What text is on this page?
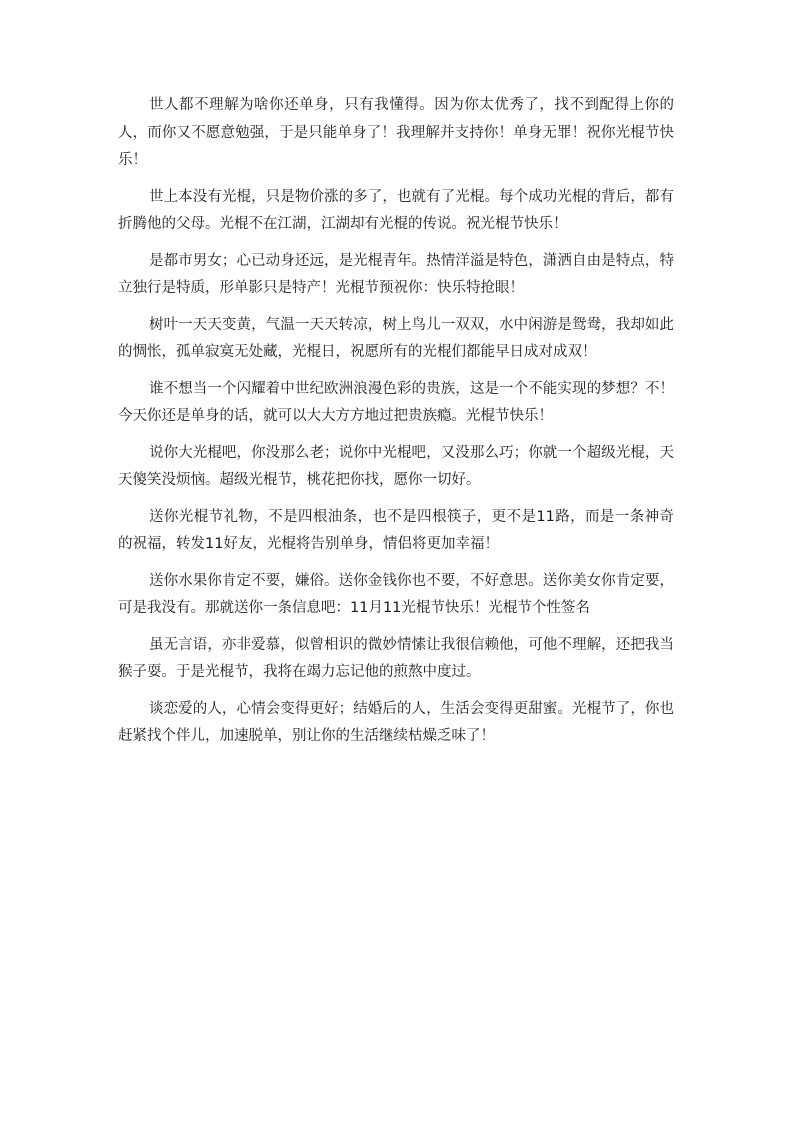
世人都不理解为啥你还单身，只有我懂得。因为你太优秀了，找不到配得上你的人，而你又不愿意勉强，于是只能单身了！我理解并支持你！单身无罪！祝你光棍节快乐！

世上本没有光棍，只是物价涨的多了，也就有了光棍。每个成功光棍的背后，都有折腾他的父母。光棍不在江湖，江湖却有光棍的传说。祝光棍节快乐！

是都市男女；心已动身还远，是光棍青年。热情洋溢是特色，潇洒自由是特点，特立独行是特质，形单影只是特产！光棍节预祝你：快乐特抢眼！

树叶一天天变黄，气温一天天转凉，树上鸟儿一双双，水中闲游是鸳鸯，我却如此的惆怅，孤单寂寞无处藏，光棍日，祝愿所有的光棍们都能早日成对成双！

谁不想当一个闪耀着中世纪欧洲浪漫色彩的贵族，这是一个不能实现的梦想？不！今天你还是单身的话，就可以大大方方地过把贵族瘾。光棍节快乐！

说你大光棍吧，你没那么老；说你中光棍吧，又没那么巧；你就一个超级光棍，天天傻笑没烦恼。超级光棍节，桃花把你找，愿你一切好。

送你光棍节礼物，不是四根油条，也不是四根筷子，更不是11路，而是一条神奇的祝福，转发11好友，光棍将告别单身，情侣将更加幸福！

送你水果你肯定不要，嫌俗。送你金钱你也不要，不好意思。送你美女你肯定要，可是我没有。那就送你一条信息吧：11月11光棍节快乐！光棍节个性签名

虽无言语，亦非爱慕，似曾相识的微妙情愫让我很信赖他，可他不理解，还把我当猴子耍。于是光棍节，我将在竭力忘记他的煎熬中度过。

谈恋爱的人，心情会变得更好；结婚后的人，生活会变得更甜蜜。光棍节了，你也赶紧找个伴儿，加速脱单，别让你的生活继续枯燥乏味了！
